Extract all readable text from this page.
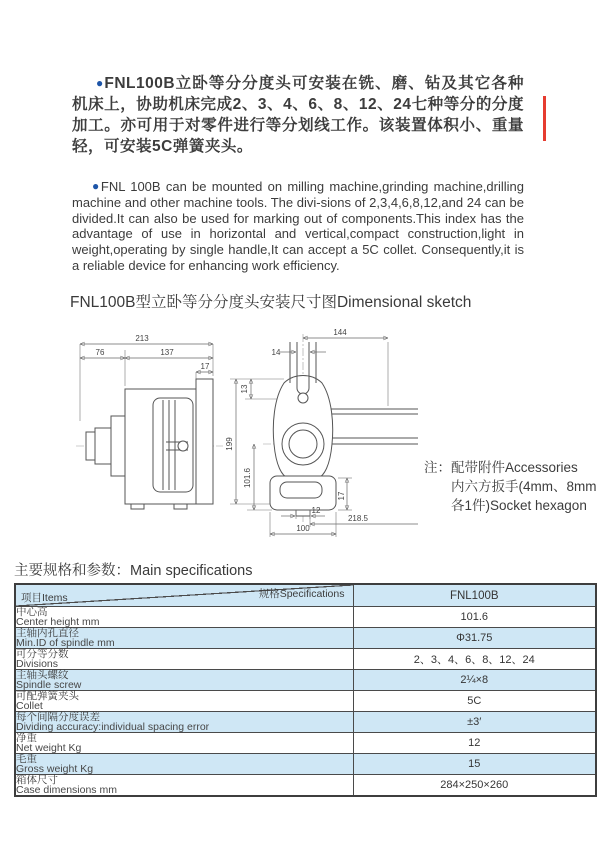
●FNL100B立卧等分分度头可安装在铣、磨、钻及其它各种机床上，协助机床完成2、3、4、6、8、12、24七种等分的分度加工。亦可用于对零件进行等分划线工作。该装置体积小、重量轻，可安装5C弹簧夹头。

●FNL 100B can be mounted on milling machine,grinding machine,drilling machine and other machine tools. The divi-sions of 2,3,4,6,8,12,and 24 can be divided.It can also be used for marking out of components.This index has the advantage of use in horizontal and vertical,compact construction,light in weight,operating by single handle,It can accept a 5C collet. Consequently,it is a reliable device for enhancing work efficiency.

FNL100B型立卧等分分度头安装尺寸图Dimensional sketch
213
76	137
17
199
13
101.6
144
14
17
12
218.5
100
注：配带附件Accessories
内六方扳手(4mm、8mm
各1件)Socket hexagon
主要规格和参数：Main specifications
项目Items 规格Specifications	FNL100B

中心高
Center height mm	101.6

主轴内孔直径
Min.ID of spindle mm	Φ31.75

可分等分数
Divisions	2、3、4、6、8、12、24

主轴头螺纹
Spindle screw	2¼×8

可配弹簧夹头
Collet	5C

每个间隔分度误差
Dividing accuracy:individual spacing error	±3′

净重
Net weight Kg	12

毛重
Gross weight Kg	15

箱体尺寸
Case dimensions mm	284×250×260
